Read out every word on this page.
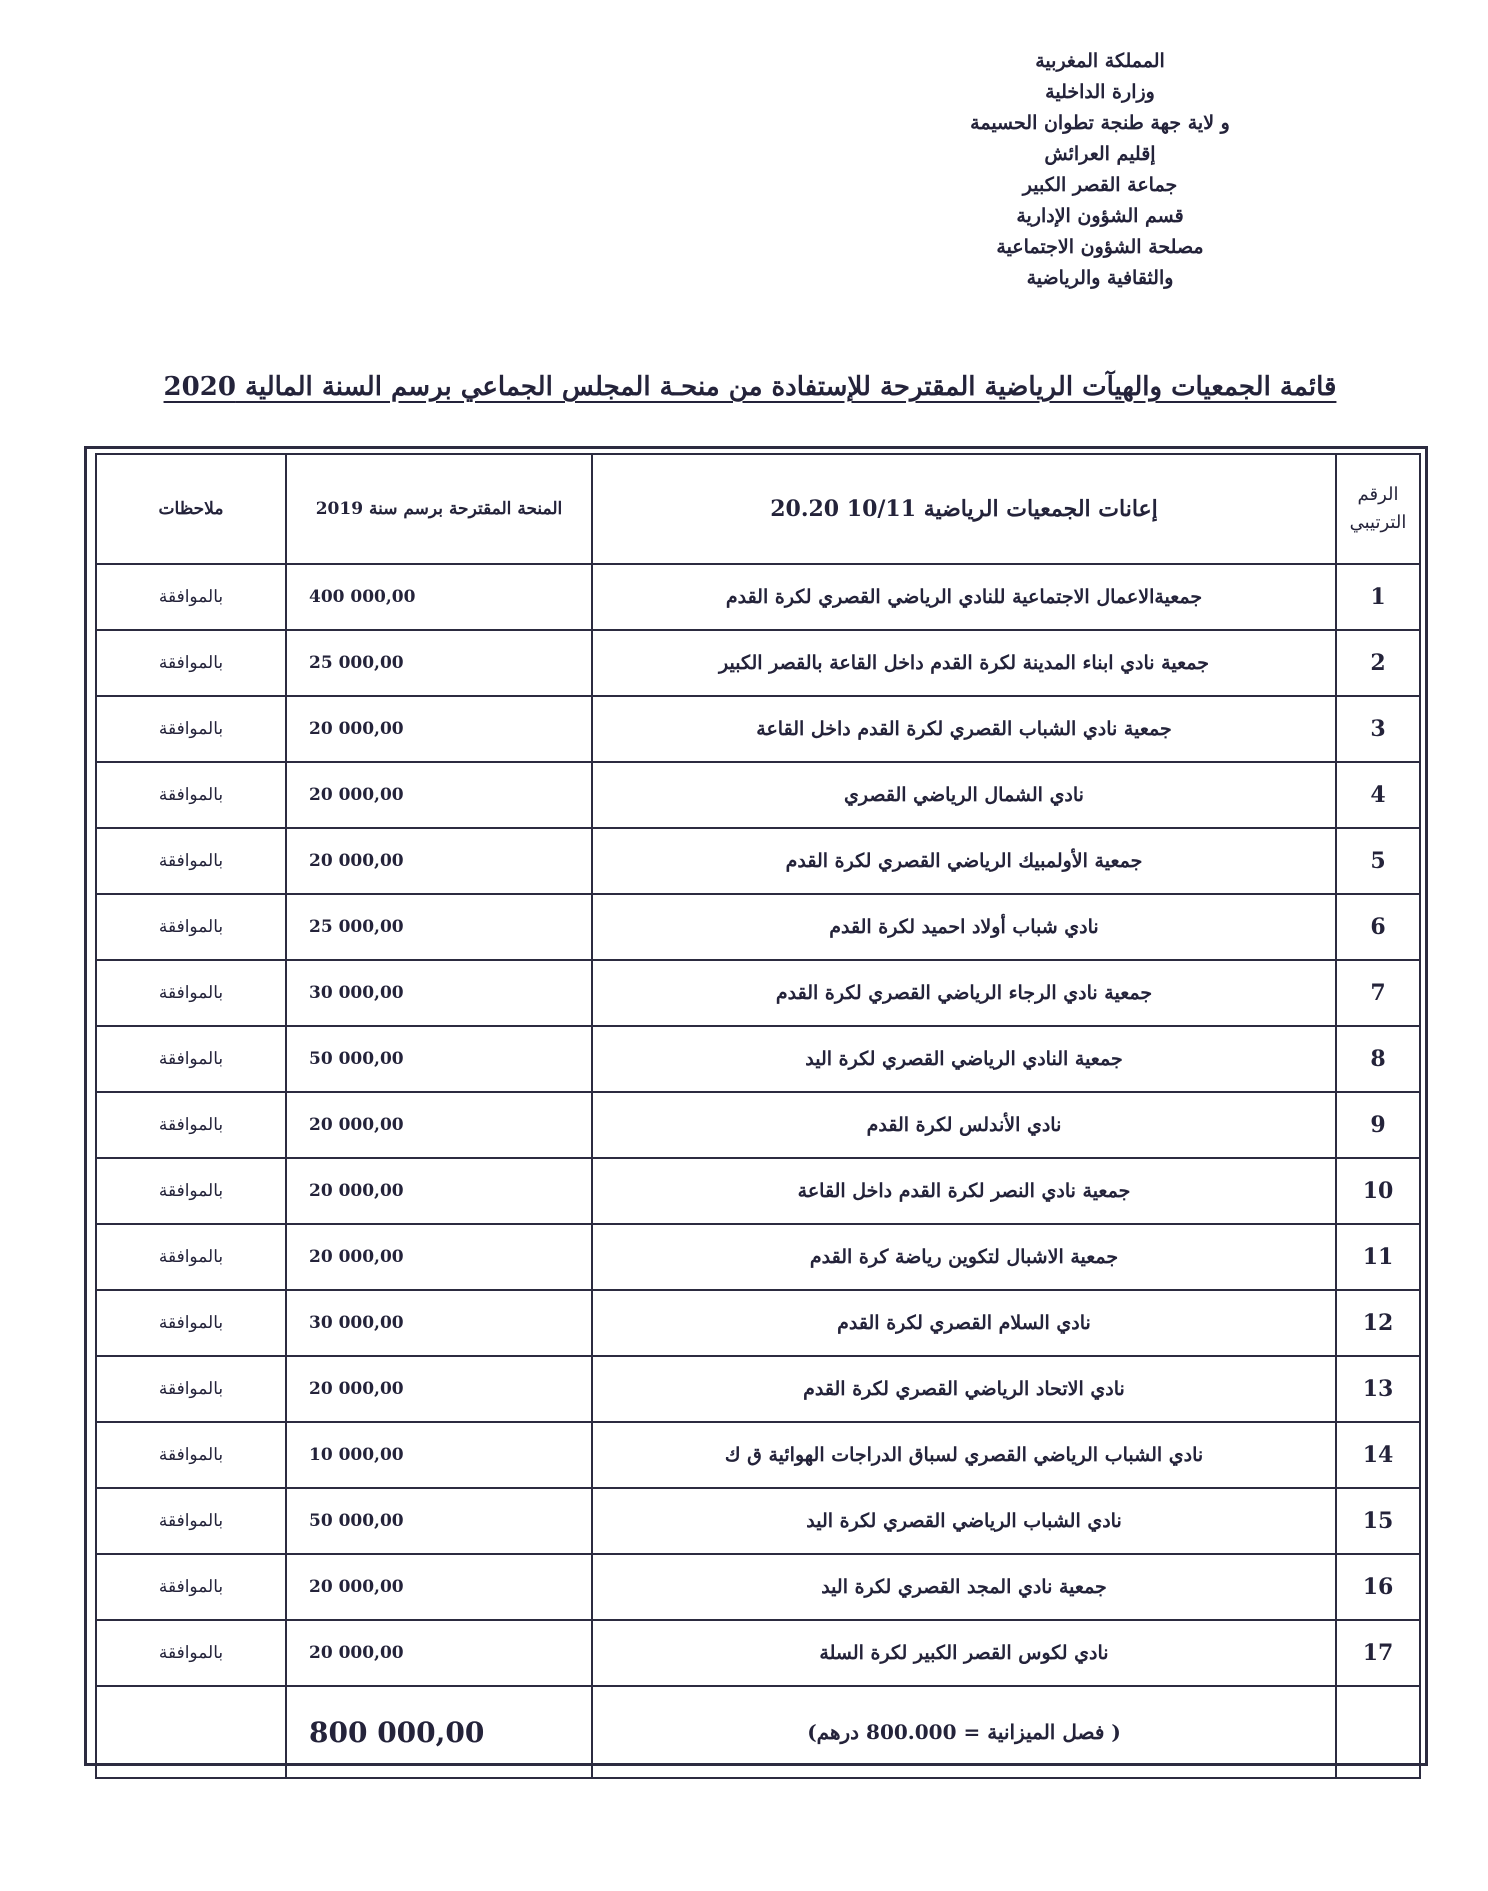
المملكة المغربية
وزارة الداخلية
و لاية جهة طنجة تطوان الحسيمة
إقليم العرائش
جماعة القصر الكبير
قسم الشؤون الإدارية
مصلحة الشؤون الاجتماعية
والثقافية والرياضية
قائمة الجمعيات والهيآت الرياضية المقترحة للإستفادة من منحـة المجلس الجماعي برسم السنة المالية 2020
الرقم
الترتيبي	إعانات الجمعيات الرياضية 10/11 20.20	المنحة المقترحة برسم سنة 2019	ملاحظات
1	جمعيةالاعمال الاجتماعية للنادي الرياضي القصري لكرة القدم	400 000,00	بالموافقة
2	جمعية نادي ابناء المدينة لكرة القدم داخل القاعة بالقصر الكبير	25 000,00	بالموافقة
3	جمعية نادي الشباب القصري لكرة القدم داخل القاعة	20 000,00	بالموافقة
4	نادي الشمال الرياضي القصري	20 000,00	بالموافقة
5	جمعية الأولمبيك الرياضي القصري لكرة القدم	20 000,00	بالموافقة
6	نادي شباب أولاد احميد لكرة القدم	25 000,00	بالموافقة
7	جمعية نادي الرجاء الرياضي القصري لكرة القدم	30 000,00	بالموافقة
8	جمعية النادي الرياضي القصري لكرة اليد	50 000,00	بالموافقة
9	نادي الأندلس لكرة القدم	20 000,00	بالموافقة
10	جمعية نادي النصر لكرة القدم داخل القاعة	20 000,00	بالموافقة
11	جمعية الاشبال لتكوين رياضة كرة القدم	20 000,00	بالموافقة
12	نادي السلام القصري لكرة القدم	30 000,00	بالموافقة
13	نادي الاتحاد الرياضي القصري لكرة القدم	20 000,00	بالموافقة
14	نادي الشباب الرياضي القصري لسباق الدراجات الهوائية ق ك	10 000,00	بالموافقة
15	نادي الشباب الرياضي القصري لكرة اليد	50 000,00	بالموافقة
16	جمعية نادي المجد القصري لكرة اليد	20 000,00	بالموافقة
17	نادي لكوس القصر الكبير لكرة السلة	20 000,00	بالموافقة
	( فصل الميزانية = 800.000 درهم)	800 000,00	
